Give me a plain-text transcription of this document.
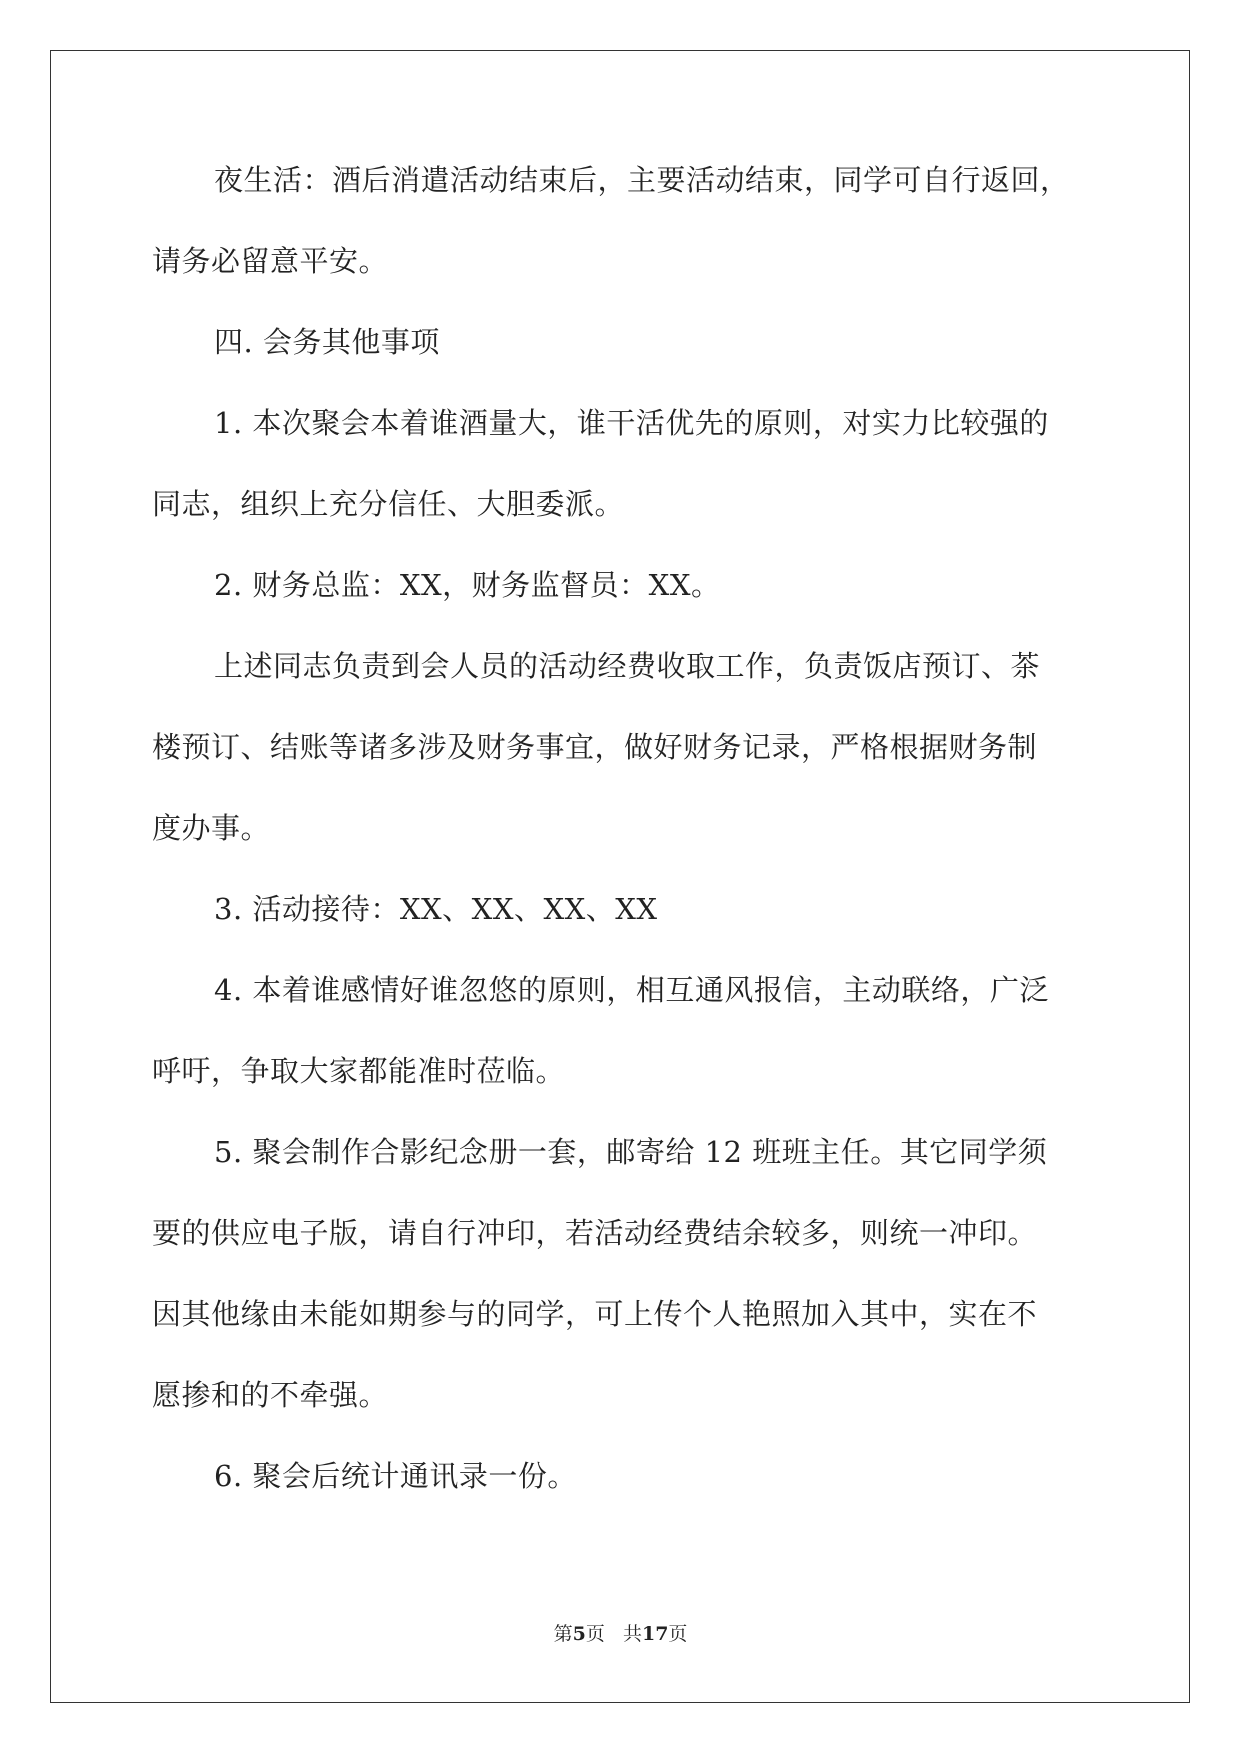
夜生活：酒后消遣活动结束后，主要活动结束，同学可自行返回，
请务必留意平安。
四. 会务其他事项
1. 本次聚会本着谁酒量大，谁干活优先的原则，对实力比较强的
同志，组织上充分信任、大胆委派。
2. 财务总监：XX，财务监督员：XX。
上述同志负责到会人员的活动经费收取工作，负责饭店预订、茶
楼预订、结账等诸多涉及财务事宜，做好财务记录，严格根据财务制
度办事。
3. 活动接待：XX、XX、XX、XX
4. 本着谁感情好谁忽悠的原则，相互通风报信，主动联络，广泛
呼吁，争取大家都能准时莅临。
5. 聚会制作合影纪念册一套，邮寄给 12 班班主任。其它同学须
要的供应电子版，请自行冲印，若活动经费结余较多，则统一冲印。
因其他缘由未能如期参与的同学，可上传个人艳照加入其中，实在不
愿掺和的不牵强。
6. 聚会后统计通讯录一份。
第5页 共17页
